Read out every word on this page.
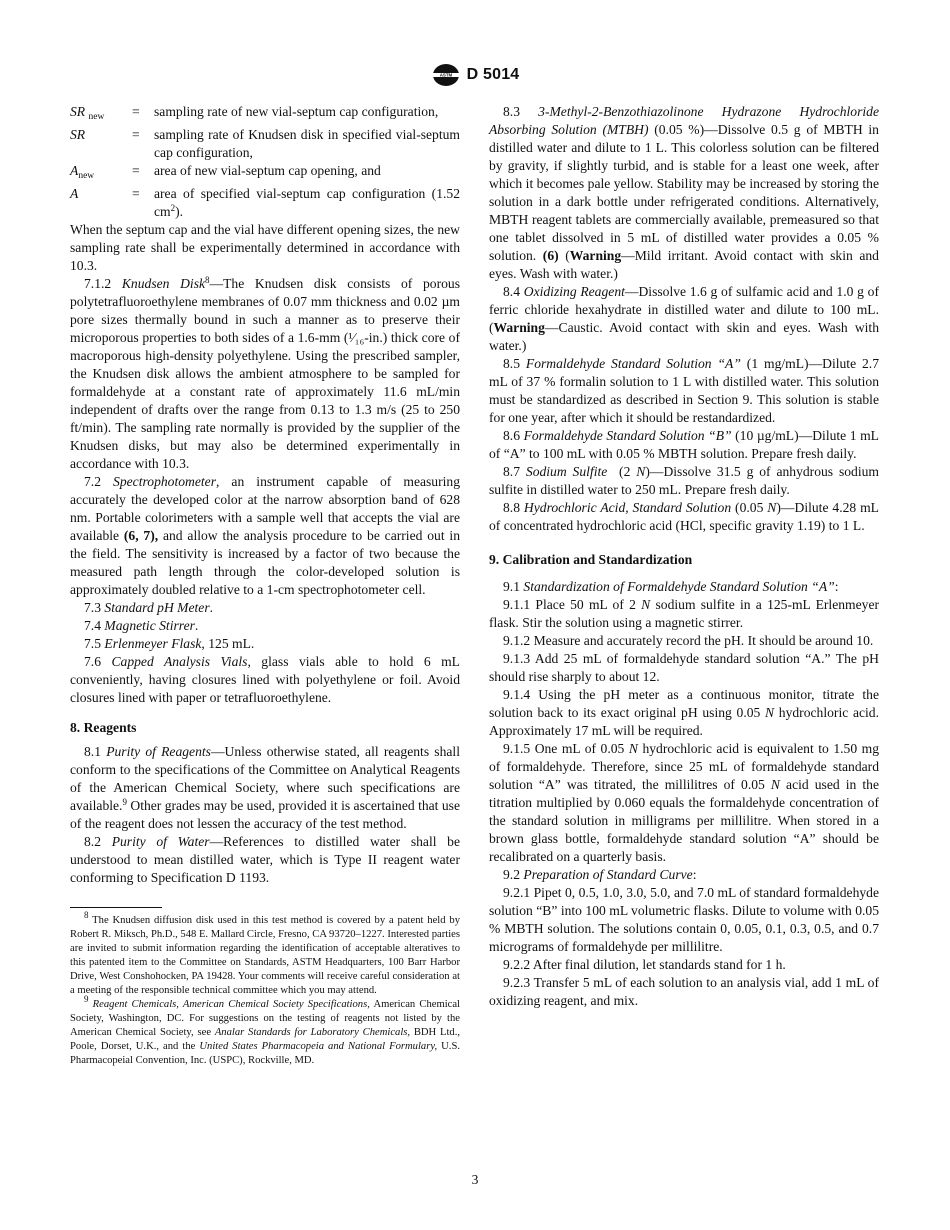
ASTM D 5014
SR $_{new}$	=	sampling rate of new vial-septum cap configuration,
SR	=	sampling rate of Knudsen disk in specified vial-septum cap configuration,
$A_{new}$	=	area of new vial-septum cap opening, and
A	=	area of specified vial-septum cap configuration (1.52 $cm^2$).

When the septum cap and the vial have different opening sizes, the new sampling rate shall be experimentally determined in accordance with 10.3.

7.1.2 Knudsen Disk$^8$—The Knudsen disk consists of porous polytetrafluoroethylene membranes of 0.07 mm thickness and 0.02 µm pore sizes thermally bound in such a manner as to preserve their microporous properties to both sides of a 1.6-mm (¹⁄₁₆-in.) thick core of macroporous high-density polyethylene. Using the prescribed sampler, the Knudsen disk allows the ambient atmosphere to be sampled for formaldehyde at a constant rate of approximately 11.6 mL/min independent of drafts over the range from 0.13 to 1.3 m/s (25 to 250 ft/min). The sampling rate normally is provided by the supplier of the Knudsen disks, but may also be determined experimentally in accordance with 10.3.

7.2 Spectrophotometer, an instrument capable of measuring accurately the developed color at the narrow absorption band of 628 nm. Portable colorimeters with a sample well that accepts the vial are available (6, 7), and allow the analysis procedure to be carried out in the field. The sensitivity is increased by a factor of two because the measured path length through the color-developed solution is approximately doubled relative to a 1-cm spectrophotometer cell.

7.3 Standard pH Meter.

7.4 Magnetic Stirrer.

7.5 Erlenmeyer Flask, 125 mL.

7.6 Capped Analysis Vials, glass vials able to hold 6 mL conveniently, having closures lined with polyethylene or foil. Avoid closures lined with paper or tetrafluoroethylene.

8. Reagents

8.1 Purity of Reagents—Unless otherwise stated, all reagents shall conform to the specifications of the Committee on Analytical Reagents of the American Chemical Society, where such specifications are available.$^9$ Other grades may be used, provided it is ascertained that use of the reagent does not lessen the accuracy of the test method.

8.2 Purity of Water—References to distilled water shall be understood to mean distilled water, which is Type II reagent water conforming to Specification D 1193.

$^8$ The Knudsen diffusion disk used in this test method is covered by a patent held by Robert R. Miksch, Ph.D., 548 E. Mallard Circle, Fresno, CA 93720–1227. Interested parties are invited to submit information regarding the identification of acceptable alteratives to this patented item to the Committee on Standards, ASTM Headquarters, 100 Barr Harbor Drive, West Conshohocken, PA 19428. Your comments will receive careful consideration at a meeting of the responsible technical committee which you may attend.

$^9$ Reagent Chemicals, American Chemical Society Specifications, American Chemical Society, Washington, DC. For suggestions on the testing of reagents not listed by the American Chemical Society, see Analar Standards for Laboratory Chemicals, BDH Ltd., Poole, Dorset, U.K., and the United States Pharmacopeia and National Formulary, U.S. Pharmacopeial Convention, Inc. (USPC), Rockville, MD.

8.3 3-Methyl-2-Benzothiazolinone Hydrazone Hydrochloride Absorbing Solution (MTBH) (0.05 %)—Dissolve 0.5 g of MBTH in distilled water and dilute to 1 L. This colorless solution can be filtered by gravity, if slightly turbid, and is stable for a least one week, after which it becomes pale yellow. Stability may be increased by storing the solution in a dark bottle under refrigerated conditions. Alternatively, MBTH reagent tablets are commercially available, premeasured so that one tablet dissolved in 5 mL of distilled water provides a 0.05 % solution. (6) (Warning—Mild irritant. Avoid contact with skin and eyes. Wash with water.)

8.4 Oxidizing Reagent—Dissolve 1.6 g of sulfamic acid and 1.0 g of ferric chloride hexahydrate in distilled water and dilute to 100 mL. (Warning—Caustic. Avoid contact with skin and eyes. Wash with water.)

8.5 Formaldehyde Standard Solution “A” (1 mg/mL)—Dilute 2.7 mL of 37 % formalin solution to 1 L with distilled water. This solution must be standardized as described in Section 9. This solution is stable for one year, after which it should be restandardized.

8.6 Formaldehyde Standard Solution “B” (10 µg/mL)—Dilute 1 mL of “A” to 100 mL with 0.05 % MBTH solution. Prepare fresh daily.

8.7 Sodium Sulfite  (2 N)—Dissolve 31.5 g of anhydrous sodium sulfite in distilled water to 250 mL. Prepare fresh daily.

8.8 Hydrochloric Acid, Standard Solution (0.05 N)—Dilute 4.28 mL of concentrated hydrochloric acid (HCl, specific gravity 1.19) to 1 L.

9. Calibration and Standardization

9.1 Standardization of Formaldehyde Standard Solution “A”:

9.1.1 Place 50 mL of 2 N sodium sulfite in a 125-mL Erlenmeyer flask. Stir the solution using a magnetic stirrer.

9.1.2 Measure and accurately record the pH. It should be around 10.

9.1.3 Add 25 mL of formaldehyde standard solution “A.” The pH should rise sharply to about 12.

9.1.4 Using the pH meter as a continuous monitor, titrate the solution back to its exact original pH using 0.05 N hydrochloric acid. Approximately 17 mL will be required.

9.1.5 One mL of 0.05 N hydrochloric acid is equivalent to 1.50 mg of formaldehyde. Therefore, since 25 mL of formaldehyde standard solution “A” was titrated, the millilitres of 0.05 N acid used in the titration multiplied by 0.060 equals the formaldehyde concentration of the standard solution in milligrams per millilitre. When stored in a brown glass bottle, formaldehyde standard solution “A” should be recalibrated on a quarterly basis.

9.2 Preparation of Standard Curve:

9.2.1 Pipet 0, 0.5, 1.0, 3.0, 5.0, and 7.0 mL of standard formaldehyde solution “B” into 100 mL volumetric flasks. Dilute to volume with 0.05 % MBTH solution. The solutions contain 0, 0.05, 0.1, 0.3, 0.5, and 0.7 micrograms of formaldehyde per millilitre.

9.2.2 After final dilution, let standards stand for 1 h.

9.2.3 Transfer 5 mL of each solution to an analysis vial, add 1 mL of oxidizing reagent, and mix.

3
